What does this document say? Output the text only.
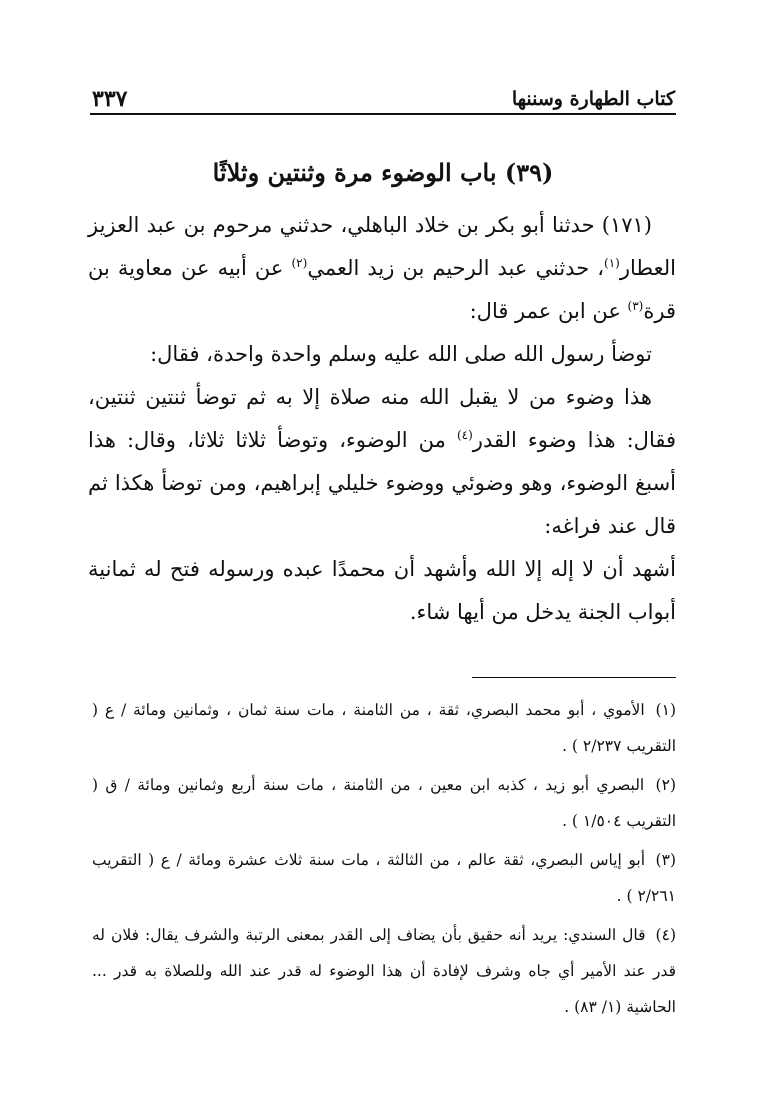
كتاب الطهارة وسننها
٣٣٧
(٣٩) باب الوضوء مرة وثنتين وثلاثًا

(١٧١) حدثنا أبو بكر بن خلاد الباهلي، حدثني مرحوم بن عبد العزيز العطار$^{(١)}$، حدثني عبد الرحيم بن زيد العمي$^{(٢)}$ عن أبيه عن معاوية بن قرة$^{(٣)}$ عن ابن عمر قال:

توضأ رسول الله صلى الله عليه وسلم واحدة واحدة، فقال:

هذا وضوء من لا يقبل الله منه صلاة إلا به ثم توضأ ثنتين ثنتين، فقال: هذا وضوء القدر$^{(٤)}$ من الوضوء، وتوضأ ثلاثا ثلاثا، وقال: هذا أسبغ الوضوء، وهو وضوئي ووضوء خليلي إبراهيم، ومن توضأ هكذا ثم قال عند فراغه:

أشهد أن لا إله إلا الله وأشهد أن محمدًا عبده ورسوله فتح له ثمانية أبواب الجنة يدخل من أيها شاء.

(١) الأموي ، أبو محمد البصري، ثقة ، من الثامنة ، مات سنة ثمان ، وثمانين ومائة / ع ( التقريب ٢/٢٣٧ ) .

(٢) البصري أبو زيد ، كذبه ابن معين ، من الثامنة ، مات سنة أربع وثمانين ومائة / ق ( التقريب ١/٥٠٤ ) .

(٣) أبو إياس البصري، ثقة عالم ، من الثالثة ، مات سنة ثلاث عشرة ومائة / ع ( التقريب ٢/٢٦١ ) .

(٤) قال السندي: يريد أنه حقيق بأن يضاف إلى القدر بمعنى الرتبة والشرف يقال: فلان له قدر عند الأمير أي جاه وشرف لإفادة أن هذا الوضوء له قدر عند الله وللصلاة به قدر ... الحاشية (١/ ٨٣) .
